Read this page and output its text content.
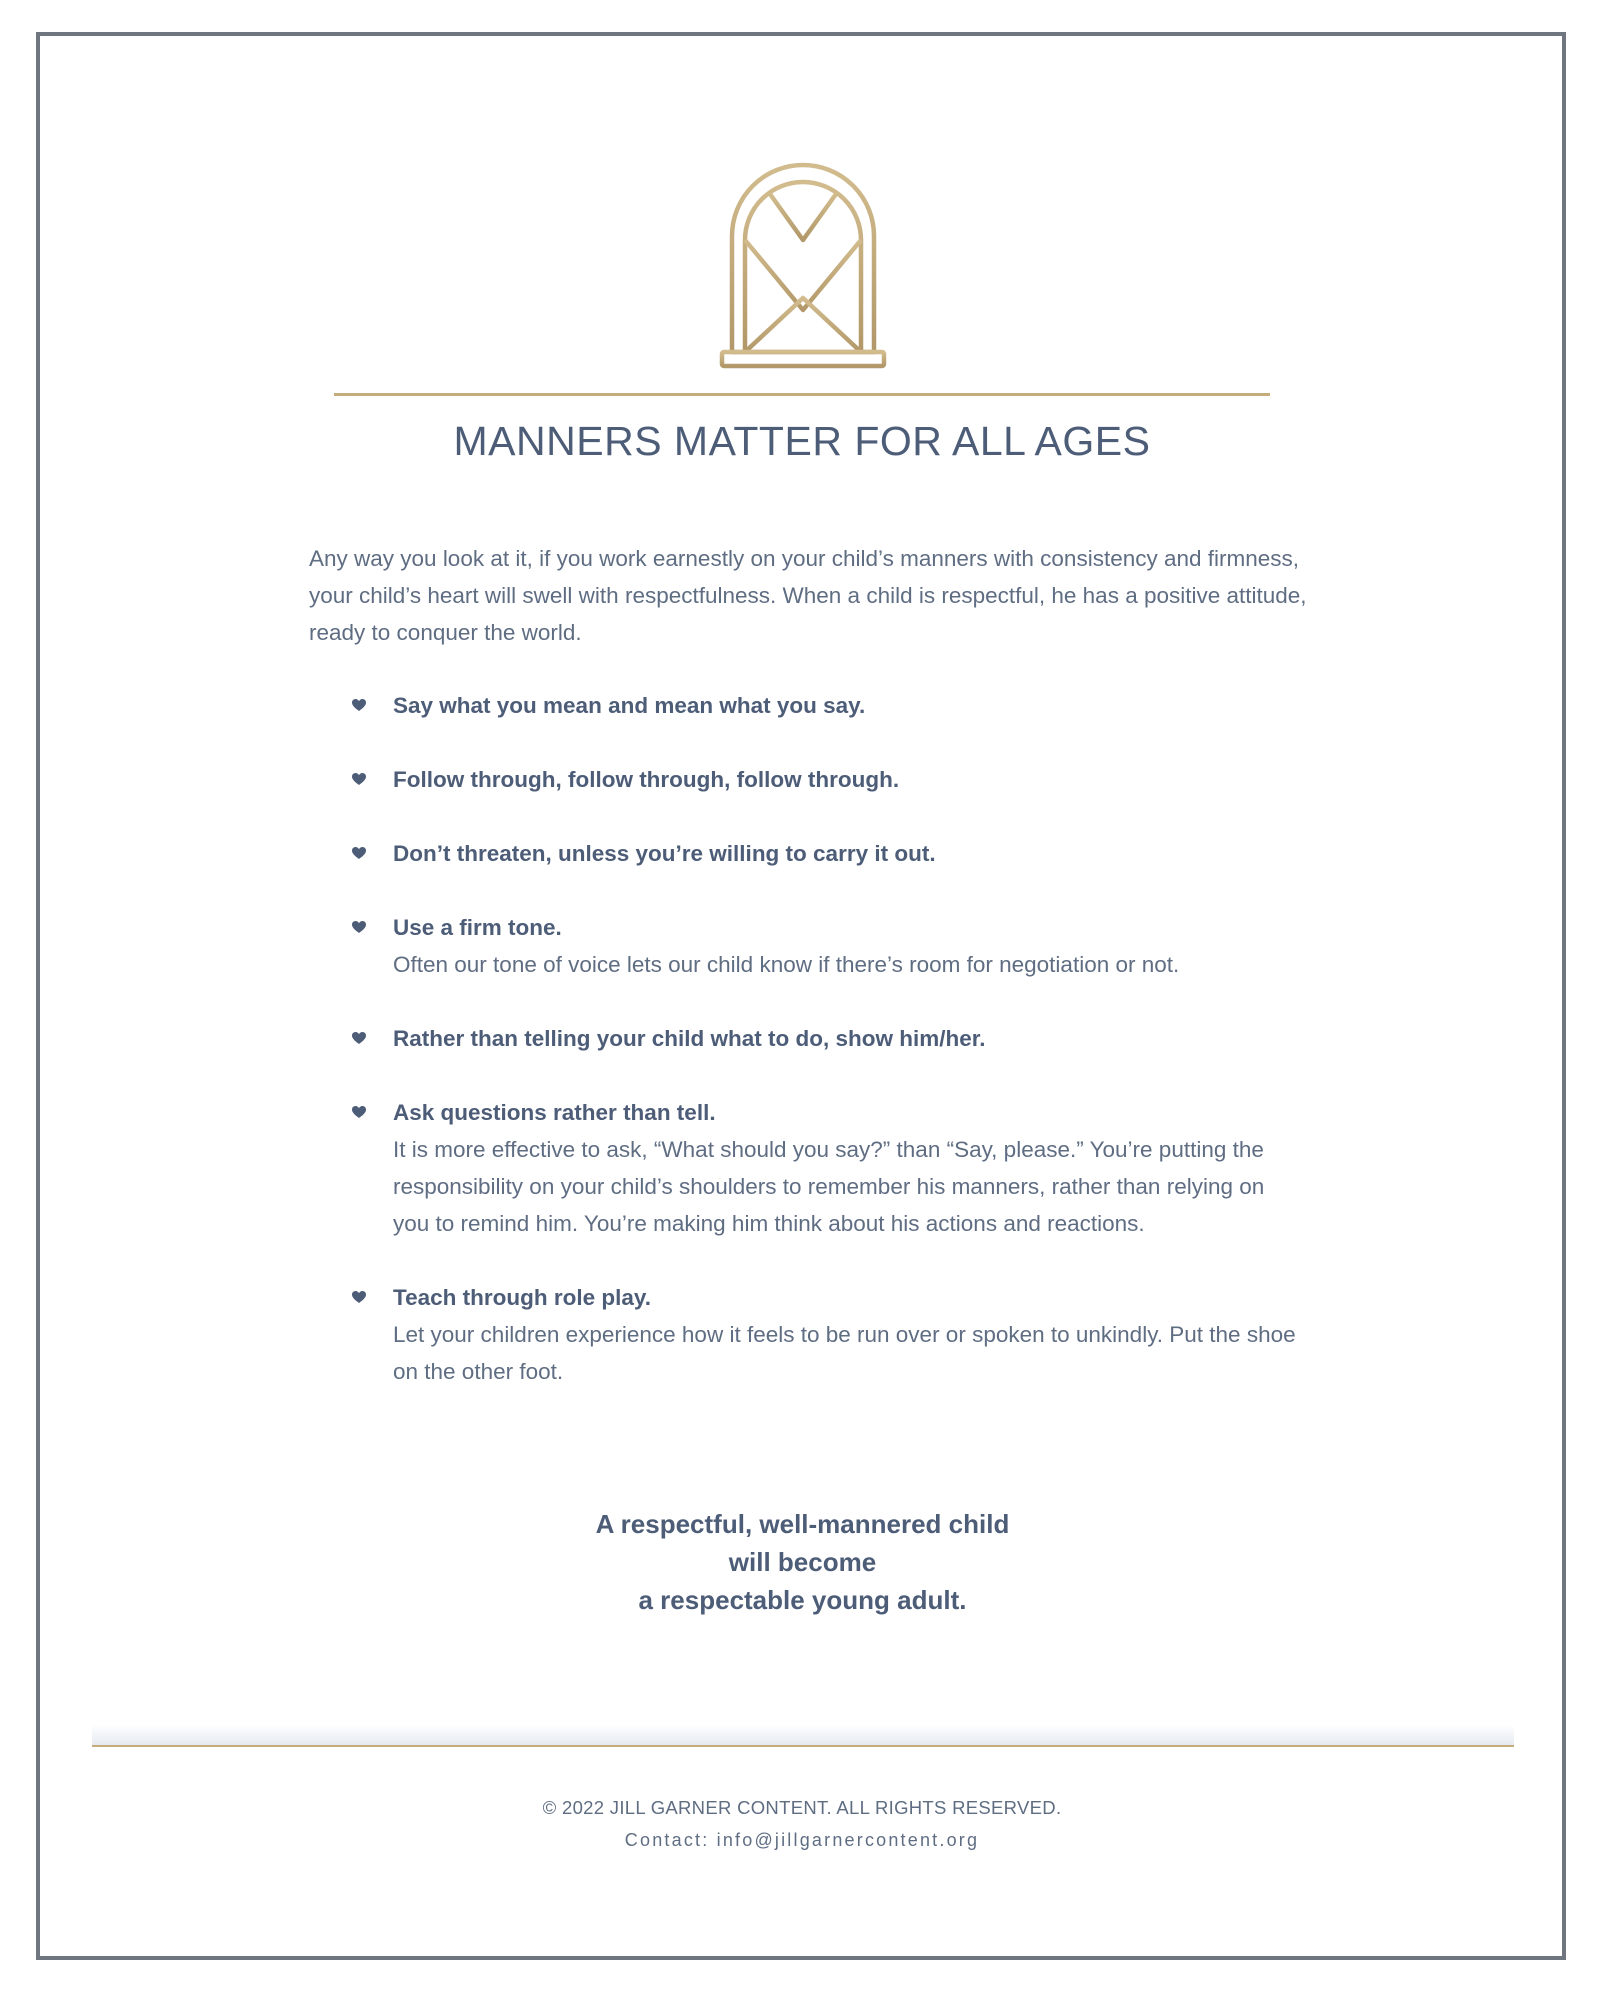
MANNERS MATTER FOR ALL AGES
Any way you look at it, if you work earnestly on your child’s manners with consistency and firmness, your child’s heart will swell with respectfulness. When a child is respectful, he has a positive attitude, ready to conquer the world.
Say what you mean and mean what you say.
Follow through, follow through, follow through.
Don’t threaten, unless you’re willing to carry it out.
Use a firm tone.
Often our tone of voice lets our child know if there’s room for negotiation or not.
Rather than telling your child what to do, show him/her.
Ask questions rather than tell.
It is more effective to ask, “What should you say?” than “Say, please.” You’re putting the responsibility on your child’s shoulders to remember his manners, rather than relying on you to remind him. You’re making him think about his actions and reactions.
Teach through role play.
Let your children experience how it feels to be run over or spoken to unkindly. Put the shoe on the other foot.
A respectful, well-mannered child
will become
a respectable young adult.
© 2022 JILL GARNER CONTENT. ALL RIGHTS RESERVED.
Contact: info@jillgarnercontent.org
